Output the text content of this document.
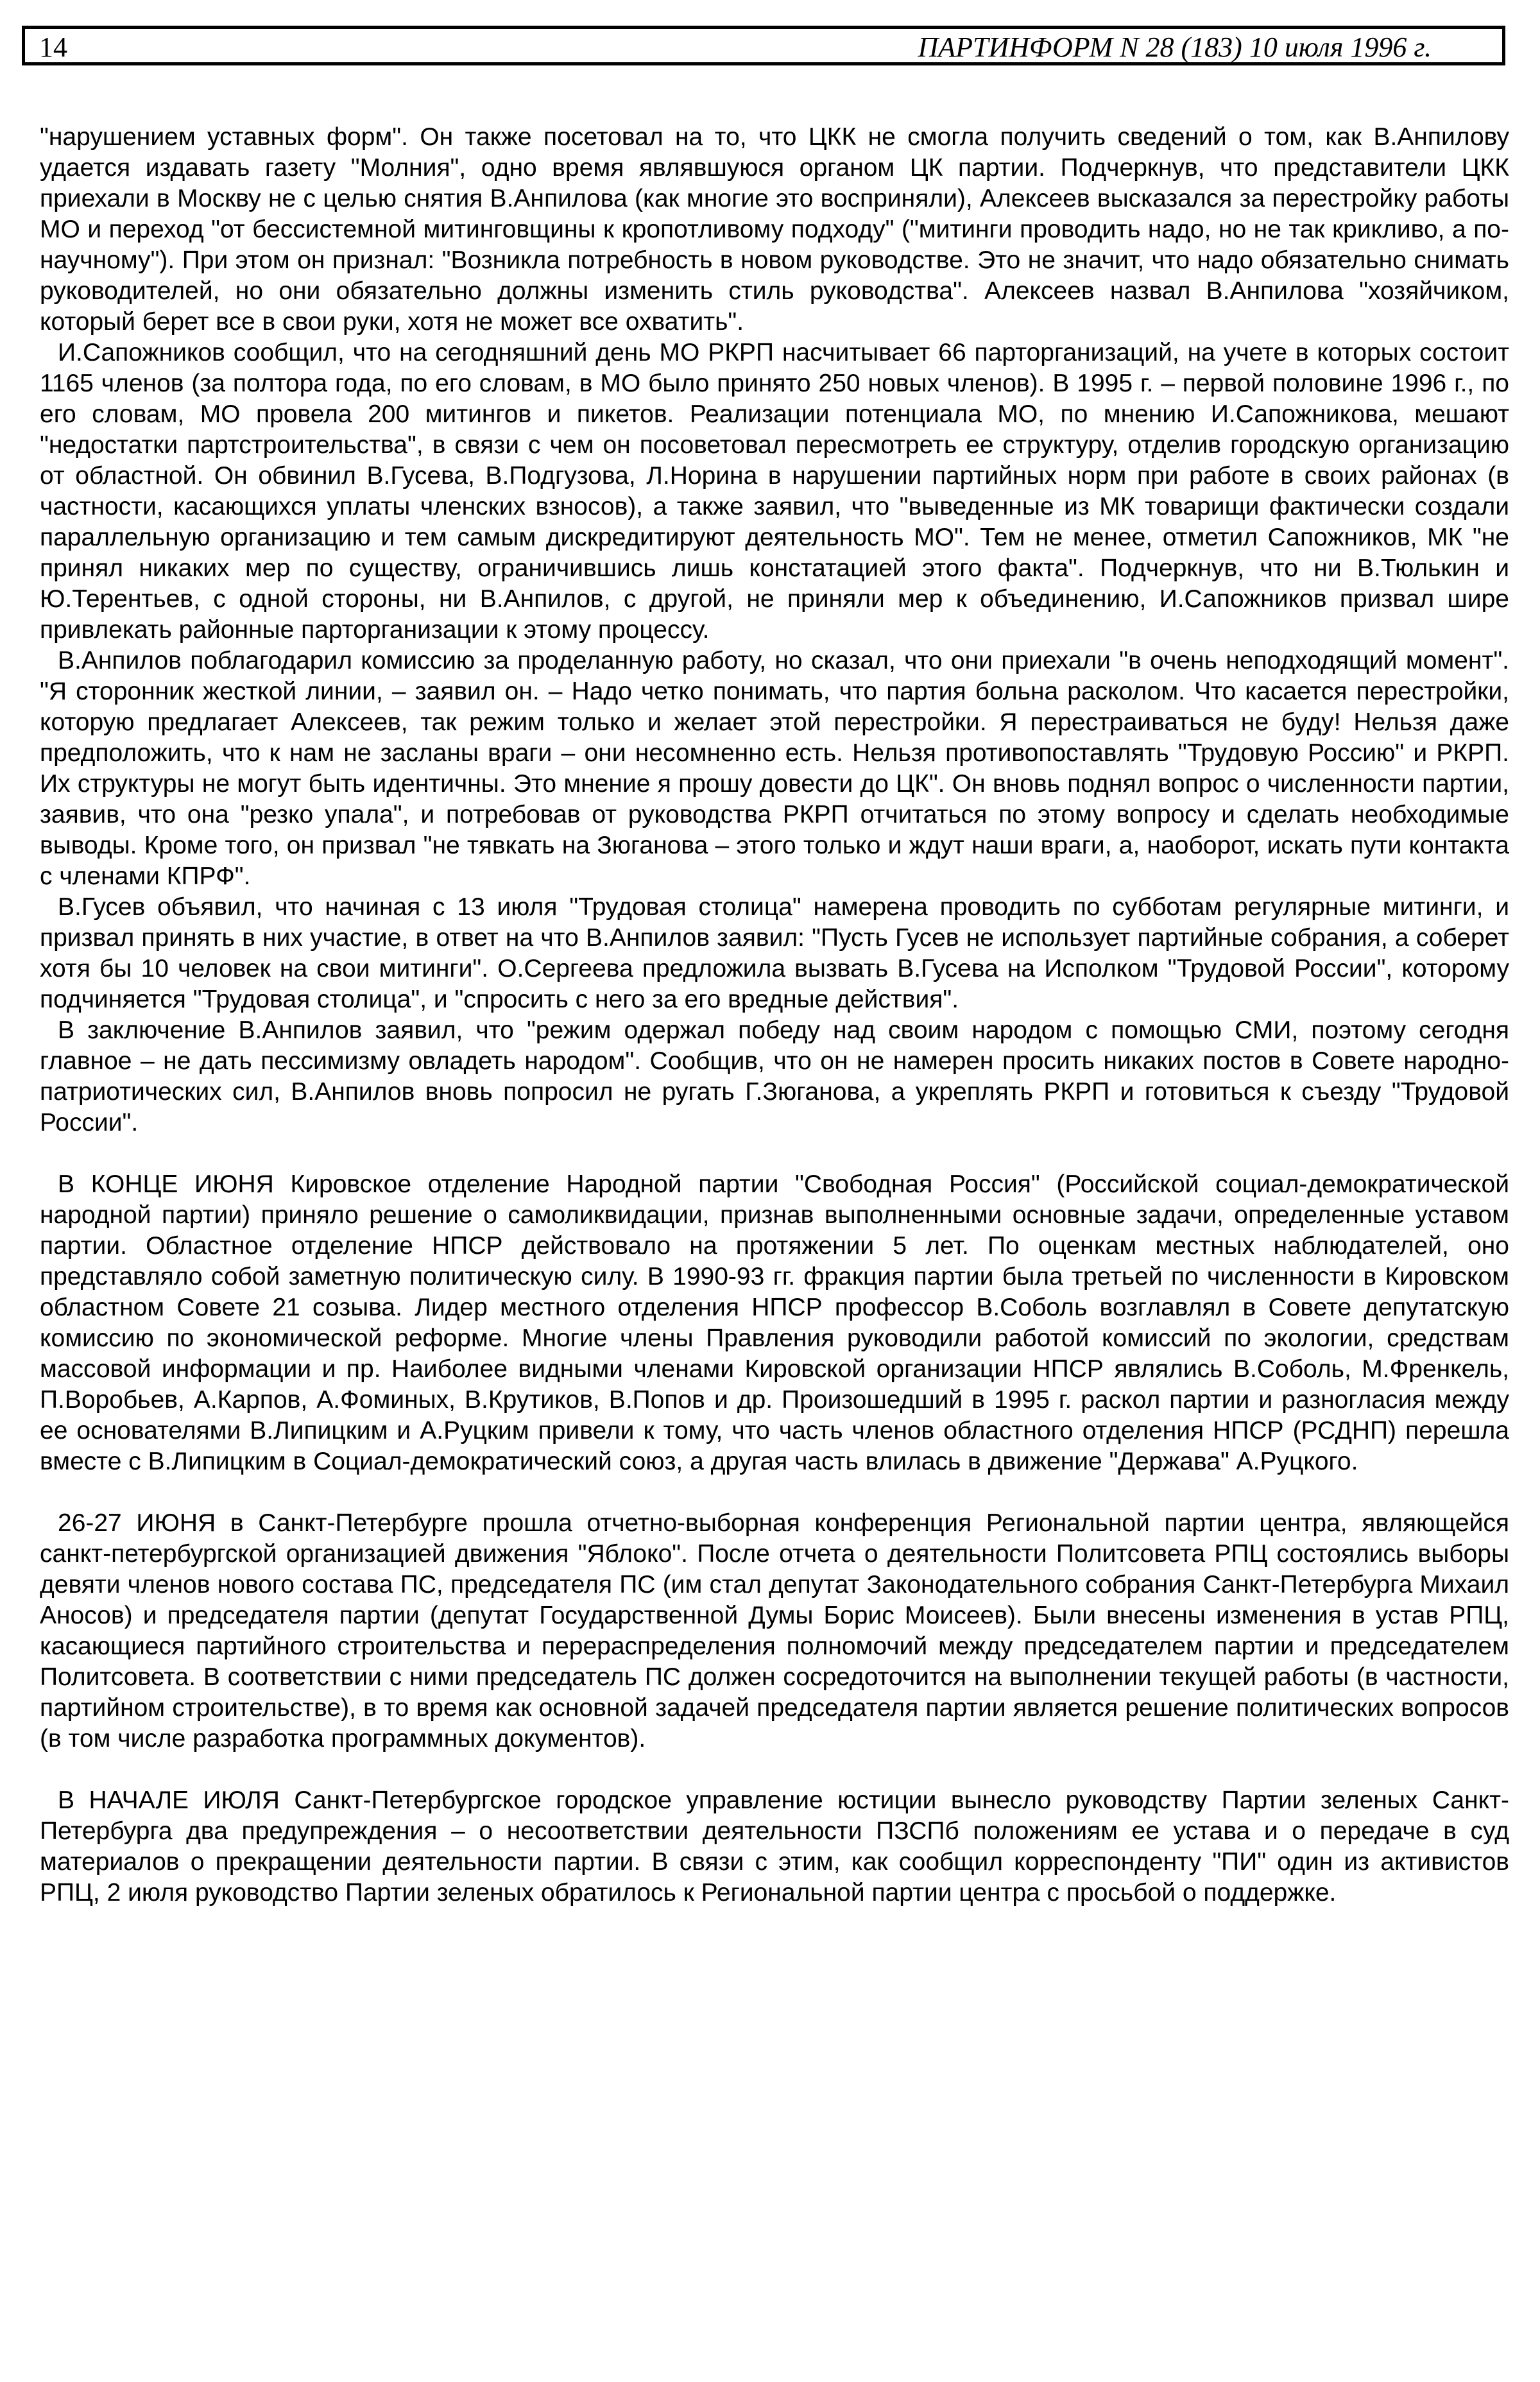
14	ПАРТИНФОРМ N 28 (183) 10 июля 1996 г.

"нарушением уставных форм". Он также посетовал на то, что ЦКК не смогла получить сведений о том, как В.Анпилову удается издавать газету "Молния", одно время являвшуюся органом ЦК партии. Подчеркнув, что представители ЦКК приехали в Москву не с целью снятия В.Анпилова (как многие это восприняли), Алексеев высказался за перестройку работы МО и переход "от бессистемной митинговщины к кропотливому подходу" ("митинги проводить надо, но не так крикливо, а по-научному"). При этом он признал: "Возникла потребность в новом руководстве. Это не значит, что надо обязательно снимать руководителей, но они обязательно должны изменить стиль руководства". Алексеев назвал В.Анпилова "хозяйчиком, который берет все в свои руки, хотя не может все охватить".

И.Сапожников сообщил, что на сегодняшний день МО РКРП насчитывает 66 парторганизаций, на учете в которых состоит 1165 членов (за полтора года, по его словам, в МО было принято 250 новых членов). В 1995 г. – первой половине 1996 г., по его словам, МО провела 200 митингов и пикетов. Реализации потенциала МО, по мнению И.Сапожникова, мешают "недостатки партстроительства", в связи с чем он посоветовал пересмотреть ее структуру, отделив городскую организацию от областной. Он обвинил В.Гусева, В.Подгузова, Л.Норина в нарушении партийных норм при работе в своих районах (в частности, касающихся уплаты членских взносов), а также заявил, что "выведенные из МК товарищи фактически создали параллельную организацию и тем самым дискредитируют деятельность МО". Тем не менее, отметил Сапожников, МК "не принял никаких мер по существу, ограничившись лишь констатацией этого факта". Подчеркнув, что ни В.Тюлькин и Ю.Терентьев, с одной стороны, ни В.Анпилов, с другой, не приняли мер к объединению, И.Сапожников призвал шире привлекать районные парторганизации к этому процессу.

В.Анпилов поблагодарил комиссию за проделанную работу, но сказал, что они приехали "в очень неподходящий момент". "Я сторонник жесткой линии, – заявил он. – Надо четко понимать, что партия больна расколом. Что касается перестройки, которую предлагает Алексеев, так режим только и желает этой перестройки. Я перестраиваться не буду! Нельзя даже предположить, что к нам не засланы враги – они несомненно есть. Нельзя противопоставлять "Трудовую Россию" и РКРП. Их структуры не могут быть идентичны. Это мнение я прошу довести до ЦК". Он вновь поднял вопрос о численности партии, заявив, что она "резко упала", и потребовав от руководства РКРП отчитаться по этому вопросу и сделать необходимые выводы. Кроме того, он призвал "не тявкать на Зюганова – этого только и ждут наши враги, а, наоборот, искать пути контакта с членами КПРФ".

В.Гусев объявил, что начиная с 13 июля "Трудовая столица" намерена проводить по субботам регулярные митинги, и призвал принять в них участие, в ответ на что В.Анпилов заявил: "Пусть Гусев не использует партийные собрания, а соберет хотя бы 10 человек на свои митинги". О.Сергеева предложила вызвать В.Гусева на Исполком "Трудовой России", которому подчиняется "Трудовая столица", и "спросить с него за его вредные действия".

В заключение В.Анпилов заявил, что "режим одержал победу над своим народом с помощью СМИ, поэтому сегодня главное – не дать пессимизму овладеть народом". Сообщив, что он не намерен просить никаких постов в Совете народно-патриотических сил, В.Анпилов вновь попросил не ругать Г.Зюганова, а укреплять РКРП и готовиться к съезду "Трудовой России".

В КОНЦЕ ИЮНЯ Кировское отделение Народной партии "Свободная Россия" (Российской социал-демократической народной партии) приняло решение о самоликвидации, признав выполненными основные задачи, определенные уставом партии. Областное отделение НПСР действовало на протяжении 5 лет. По оценкам местных наблюдателей, оно представляло собой заметную политическую силу. В 1990-93 гг. фракция партии была третьей по численности в Кировском областном Совете 21 созыва. Лидер местного отделения НПСР профессор В.Соболь возглавлял в Совете депутатскую комиссию по экономической реформе. Многие члены Правления руководили работой комиссий по экологии, средствам массовой информации и пр. Наиболее видными членами Кировской организации НПСР являлись В.Соболь, М.Френкель, П.Воробьев, А.Карпов, А.Фоминых, В.Крутиков, В.Попов и др. Произошедший в 1995 г. раскол партии и разногласия между ее основателями В.Липицким и А.Руцким привели к тому, что часть членов областного отделения НПСР (РСДНП) перешла вместе с В.Липицким в Социал-демократический союз, а другая часть влилась в движение "Держава" А.Руцкого.

26-27 ИЮНЯ в Санкт-Петербурге прошла отчетно-выборная конференция Региональной партии центра, являющейся санкт-петербургской организацией движения "Яблоко". После отчета о деятельности Политсовета РПЦ состоялись выборы девяти членов нового состава ПС, председателя ПС (им стал депутат Законодательного собрания Санкт-Петербурга Михаил Аносов) и председателя партии (депутат Государственной Думы Борис Моисеев). Были внесены изменения в устав РПЦ, касающиеся партийного строительства и перераспределения полномочий между председателем партии и председателем Политсовета. В соответствии с ними председатель ПС должен сосредоточится на выполнении текущей работы (в частности, партийном строительстве), в то время как основной задачей председателя партии является решение политических вопросов (в том числе разработка программных документов).

В НАЧАЛЕ ИЮЛЯ Санкт-Петербургское городское управление юстиции вынесло руководству Партии зеленых Санкт-Петербурга два предупреждения – о несоответствии деятельности ПЗСПб положениям ее устава и о передаче в суд материалов о прекращении деятельности партии. В связи с этим, как сообщил корреспонденту "ПИ" один из активистов РПЦ, 2 июля руководство Партии зеленых обратилось к Региональной партии центра с просьбой о поддержке.
